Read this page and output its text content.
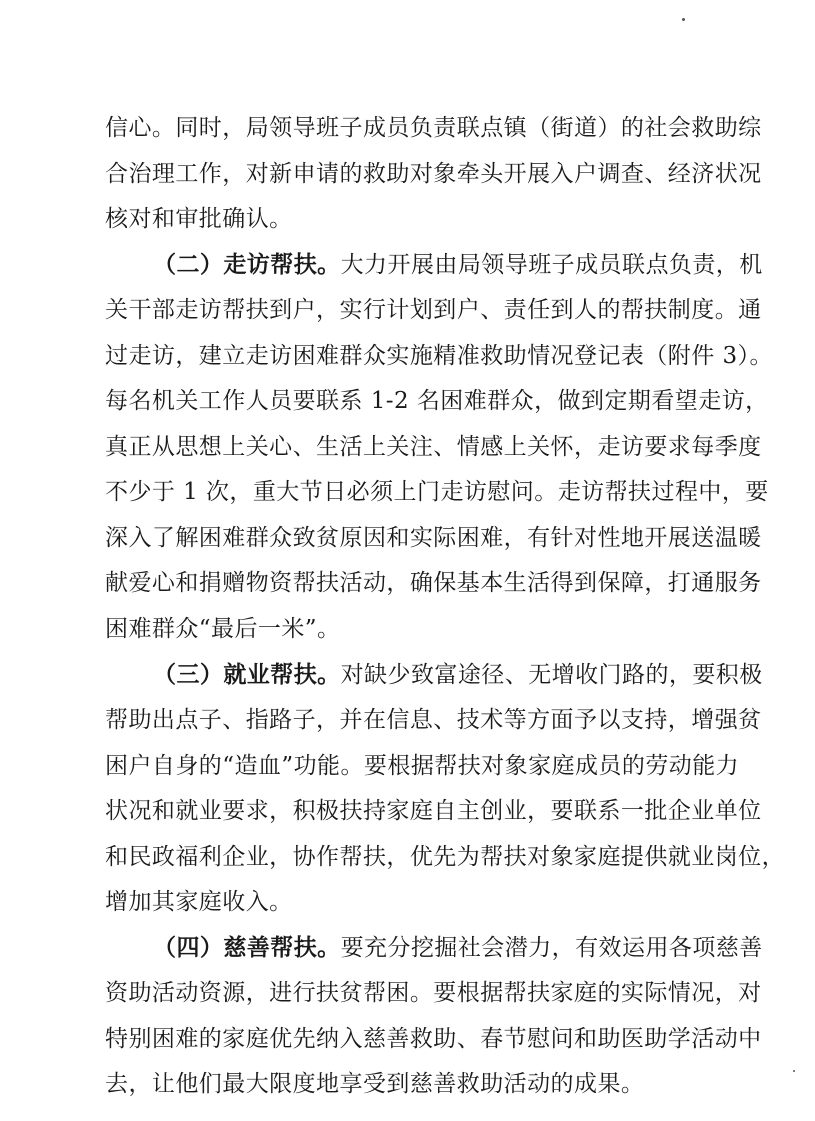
信心。同时，局领导班子成员负责联点镇（街道）的社会救助综
合治理工作，对新申请的救助对象牵头开展入户调查、经济状况
核对和审批确认。
（二）走访帮扶。大力开展由局领导班子成员联点负责，机
关干部走访帮扶到户，实行计划到户、责任到人的帮扶制度。通
过走访，建立走访困难群众实施精准救助情况登记表（附件 3）。
每名机关工作人员要联系 1-2 名困难群众，做到定期看望走访，
真正从思想上关心、生活上关注、情感上关怀，走访要求每季度
不少于 1 次，重大节日必须上门走访慰问。走访帮扶过程中，要
深入了解困难群众致贫原因和实际困难，有针对性地开展送温暖
献爱心和捐赠物资帮扶活动，确保基本生活得到保障，打通服务
困难群众“最后一米”。
（三）就业帮扶。对缺少致富途径、无增收门路的，要积极
帮助出点子、指路子，并在信息、技术等方面予以支持，增强贫
困户自身的“造血”功能。要根据帮扶对象家庭成员的劳动能力
状况和就业要求，积极扶持家庭自主创业，要联系一批企业单位
和民政福利企业，协作帮扶，优先为帮扶对象家庭提供就业岗位，
增加其家庭收入。
（四）慈善帮扶。要充分挖掘社会潜力，有效运用各项慈善
资助活动资源，进行扶贫帮困。要根据帮扶家庭的实际情况，对
特别困难的家庭优先纳入慈善救助、春节慰问和助医助学活动中
去，让他们最大限度地享受到慈善救助活动的成果。
